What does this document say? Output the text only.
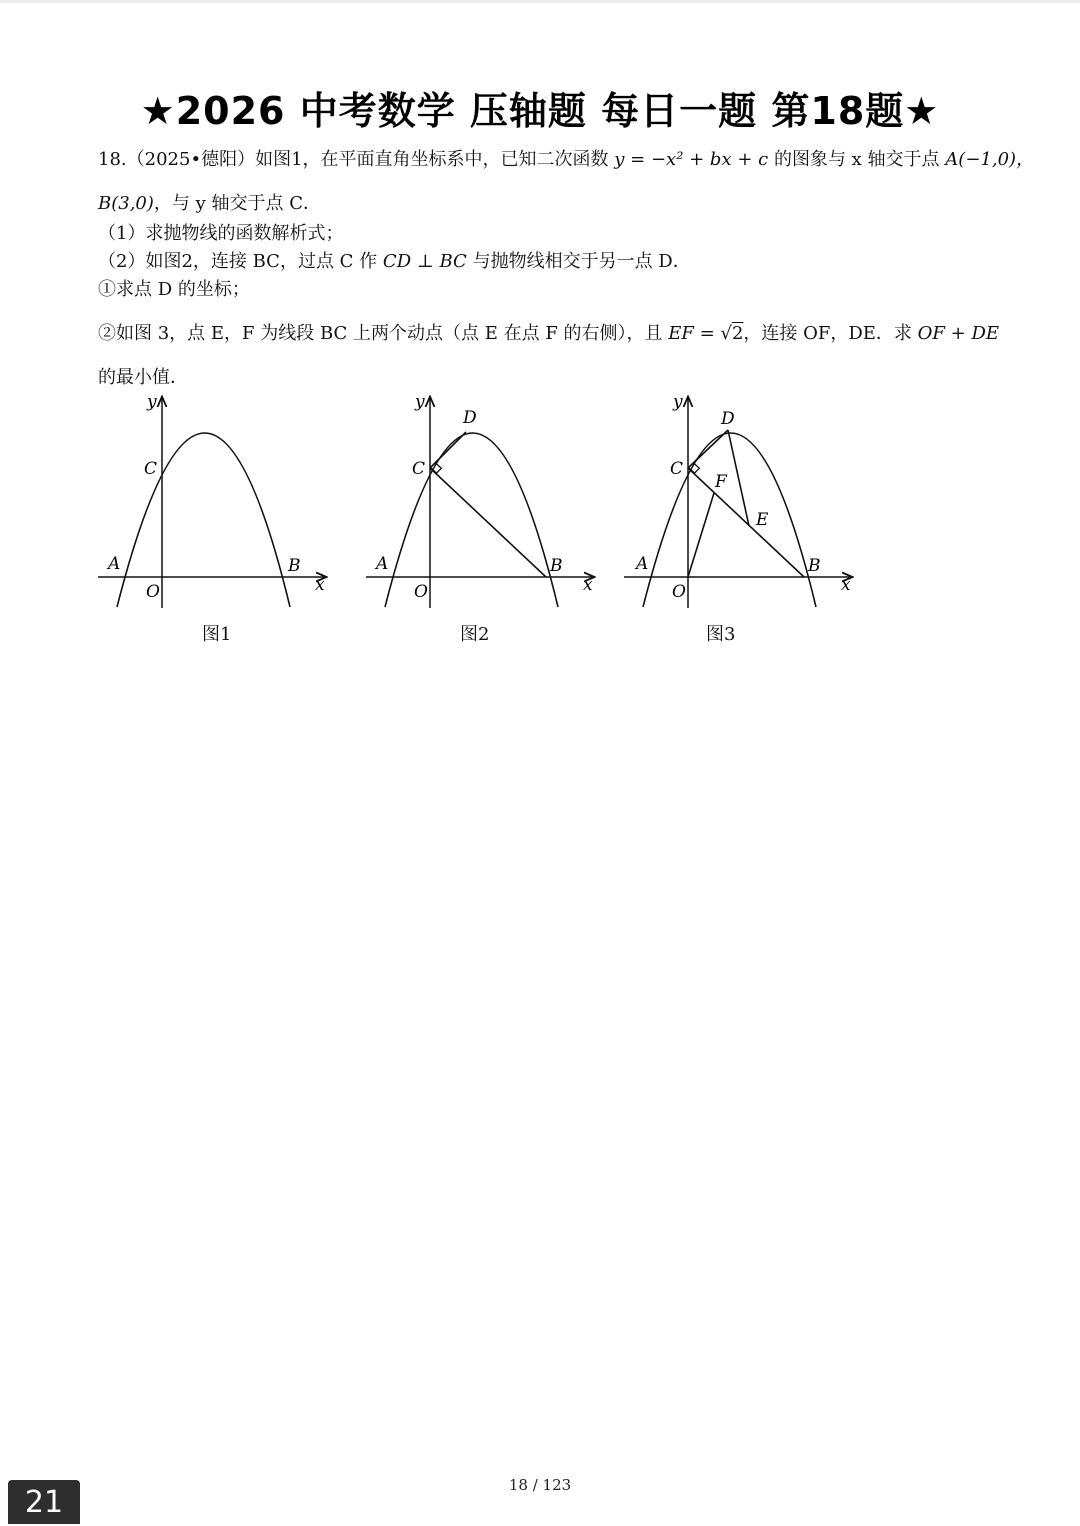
★2026 中考数学 压轴题 每日一题 第18题★
18.（2025•德阳）如图1，在平面直角坐标系中，已知二次函数 y = −x² + bx + c 的图象与 x 轴交于点 A(−1,0)，
B(3,0)，与 y 轴交于点 C．
（1）求抛物线的函数解析式；
（2）如图2，连接 BC，过点 C 作 CD ⊥ BC 与抛物线相交于另一点 D．
①求点 D 的坐标；
②如图 3，点 E，F 为线段 BC 上两个动点（点 E 在点 F 的右侧），且 EF = √2，连接 OF，DE．求 OF + DE
的最小值．
y
x
O
A	B
C
图1
y
x
O
A	B
C
D
图2
y
x
O
A	B
C
D
E
F
图3
18 / 123
21
